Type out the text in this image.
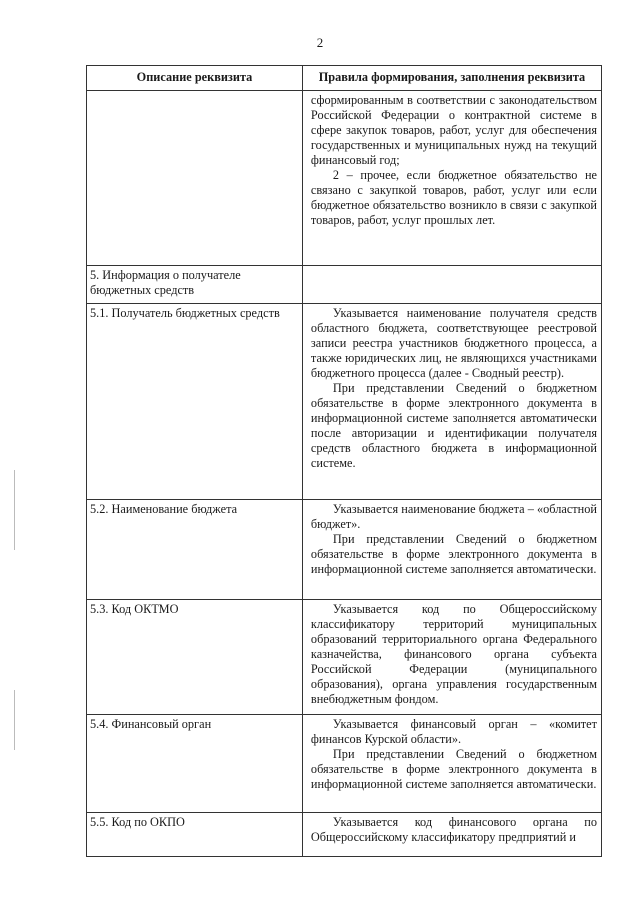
2
Описание реквизита	Правила формирования, заполнения реквизита

	сформированным в соответствии с законодательством Российской Федерации о контрактной системе в сфере закупок товаров, работ, услуг для обеспечения государственных и муниципальных нужд на текущий финансовый год;
2 – прочее, если бюджетное обязательство не связано с закупкой товаров, работ, услуг или если бюджетное обязательство возникло в связи с закупкой товаров, работ, услуг прошлых лет.

5. Информация о получателе бюджетных средств	
5.1. Получатель бюджетных средств	Указывается наименование получателя средств областного бюджета, соответствующее реестровой записи реестра участников бюджетного процесса, а также юридических лиц, не являющихся участниками бюджетного процесса (далее - Сводный реестр).
При представлении Сведений о бюджетном обязательстве в форме электронного документа в информационной системе заполняется автоматически после авторизации и идентификации получателя средств областного бюджета в информационной системе.

5.2. Наименование бюджета	Указывается наименование бюджета – «областной бюджет».
При представлении Сведений о бюджетном обязательстве в форме электронного документа в информационной системе заполняется автоматически.

5.3. Код ОКТМО	Указывается код по Общероссийскому классификатору территорий муниципальных образований территориального органа Федерального казначейства, финансового органа субъекта Российской Федерации (муниципального образования), органа управления государственным внебюджетным фондом.

5.4. Финансовый орган	Указывается финансовый орган – «комитет финансов Курской области».
При представлении Сведений о бюджетном обязательстве в форме электронного документа в информационной системе заполняется автоматически.

5.5. Код по ОКПО	Указывается код финансового органа по Общероссийскому классификатору предприятий и
